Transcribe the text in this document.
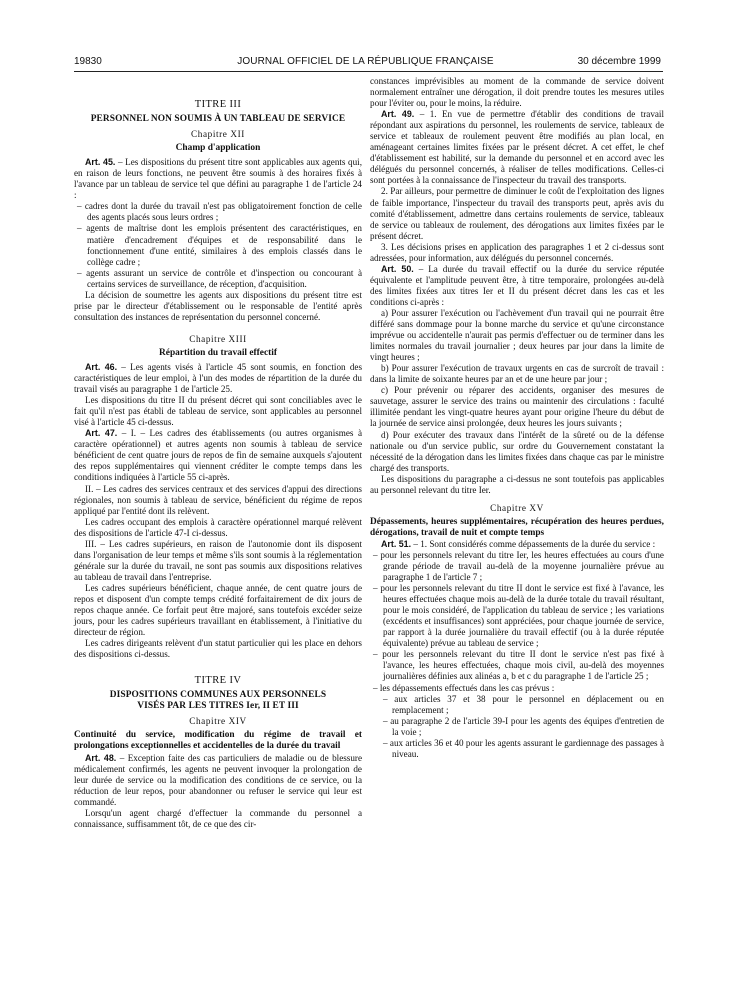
19830	JOURNAL OFFICIEL DE LA RÉPUBLIQUE FRANÇAISE	30 décembre 1999
TITRE III
PERSONNEL NON SOUMIS À UN TABLEAU DE SERVICE
Chapitre XII
Champ d'application

Art. 45. – Les dispositions du présent titre sont applicables aux agents qui, en raison de leurs fonctions, ne peuvent être soumis à des horaires fixés à l'avance par un tableau de service tel que défini au paragraphe 1 de l'article 24 :

– cadres dont la durée du travail n'est pas obligatoirement fonction de celle des agents placés sous leurs ordres ;
– agents de maîtrise dont les emplois présentent des caractéristiques, en matière d'encadrement d'équipes et de responsabilité dans le fonctionnement d'une entité, similaires à des emplois classés dans le collège cadre ;
– agents assurant un service de contrôle et d'inspection ou concourant à certains services de surveillance, de réception, d'acquisition.

La décision de soumettre les agents aux dispositions du présent titre est prise par le directeur d'établissement ou le responsable de l'entité après consultation des instances de représentation du personnel concerné.

Chapitre XIII
Répartition du travail effectif

Art. 46. – Les agents visés à l'article 45 sont soumis, en fonction des caractéristiques de leur emploi, à l'un des modes de répartition de la durée du travail visés au paragraphe 1 de l'article 25.

Les dispositions du titre II du présent décret qui sont conciliables avec le fait qu'il n'est pas établi de tableau de service, sont applicables au personnel visé à l'article 45 ci-dessus.

Art. 47. – I. – Les cadres des établissements (ou autres organismes à caractère opérationnel) et autres agents non soumis à tableau de service bénéficient de cent quatre jours de repos de fin de semaine auxquels s'ajoutent des repos supplémentaires qui viennent créditer le compte temps dans les conditions indiquées à l'article 55 ci-après.

II. – Les cadres des services centraux et des services d'appui des directions régionales, non soumis à tableau de service, bénéficient du régime de repos appliqué par l'entité dont ils relèvent.

Les cadres occupant des emplois à caractère opérationnel marqué relèvent des dispositions de l'article 47-I ci-dessus.

III. – Les cadres supérieurs, en raison de l'autonomie dont ils disposent dans l'organisation de leur temps et même s'ils sont soumis à la réglementation générale sur la durée du travail, ne sont pas soumis aux dispositions relatives au tableau de travail dans l'entreprise.

Les cadres supérieurs bénéficient, chaque année, de cent quatre jours de repos et disposent d'un compte temps crédité forfaitairement de dix jours de repos chaque année. Ce forfait peut être majoré, sans toutefois excéder seize jours, pour les cadres supérieurs travaillant en établissement, à l'initiative du directeur de région.

Les cadres dirigeants relèvent d'un statut particulier qui les place en dehors des dispositions ci-dessus.

TITRE IV
DISPOSITIONS COMMUNES AUX PERSONNELS
VISÉS PAR LES TITRES Ier, II ET III
Chapitre XIV

Continuité du service, modification du régime de travail et prolongations exceptionnelles et accidentelles de la durée du travail

Art. 48. – Exception faite des cas particuliers de maladie ou de blessure médicalement confirmés, les agents ne peuvent invoquer la prolongation de leur durée de service ou la modification des conditions de ce service, ou la réduction de leur repos, pour abandonner ou refuser le service qui leur est commandé.

Lorsqu'un agent chargé d'effectuer la commande du personnel a connaissance, suffisamment tôt, de ce que des cir-

constances imprévisibles au moment de la commande de service doivent normalement entraîner une dérogation, il doit prendre toutes les mesures utiles pour l'éviter ou, pour le moins, la réduire.

Art. 49. – 1. En vue de permettre d'établir des conditions de travail répondant aux aspirations du personnel, les roulements de service, tableaux de service et tableaux de roulement peuvent être modifiés au plan local, en aménageant certaines limites fixées par le présent décret. A cet effet, le chef d'établissement est habilité, sur la demande du personnel et en accord avec les délégués du personnel concernés, à réaliser de telles modifications. Celles-ci sont portées à la connaissance de l'inspecteur du travail des transports.

2. Par ailleurs, pour permettre de diminuer le coût de l'exploitation des lignes de faible importance, l'inspecteur du travail des transports peut, après avis du comité d'établissement, admettre dans certains roulements de service, tableaux de service ou tableaux de roulement, des dérogations aux limites fixées par le présent décret.

3. Les décisions prises en application des paragraphes 1 et 2 ci-dessus sont adressées, pour information, aux délégués du personnel concernés.

Art. 50. – La durée du travail effectif ou la durée du service réputée équivalente et l'amplitude peuvent être, à titre temporaire, prolongées au-delà des limites fixées aux titres Ier et II du présent décret dans les cas et les conditions ci-après :

a) Pour assurer l'exécution ou l'achèvement d'un travail qui ne pourrait être différé sans dommage pour la bonne marche du service et qu'une circonstance imprévue ou accidentelle n'aurait pas permis d'effectuer ou de terminer dans les limites normales du travail journalier ; deux heures par jour dans la limite de vingt heures ;

b) Pour assurer l'exécution de travaux urgents en cas de surcroît de travail : dans la limite de soixante heures par an et de une heure par jour ;

c) Pour prévenir ou réparer des accidents, organiser des mesures de sauvetage, assurer le service des trains ou maintenir des circulations : faculté illimitée pendant les vingt-quatre heures ayant pour origine l'heure du début de la journée de service ainsi prolongée, deux heures les jours suivants ;

d) Pour exécuter des travaux dans l'intérêt de la sûreté ou de la défense nationale ou d'un service public, sur ordre du Gouvernement constatant la nécessité de la dérogation dans les limites fixées dans chaque cas par le ministre chargé des transports.

Les dispositions du paragraphe a ci-dessus ne sont toutefois pas applicables au personnel relevant du titre Ier.

Chapitre XV

Dépassements, heures supplémentaires, récupération des heures perdues, dérogations, travail de nuit et compte temps

Art. 51. – 1. Sont considérés comme dépassements de la durée du service :

– pour les personnels relevant du titre Ier, les heures effectuées au cours d'une grande période de travail au-delà de la moyenne journalière prévue au paragraphe 1 de l'article 7 ;
– pour les personnels relevant du titre II dont le service est fixé à l'avance, les heures effectuées chaque mois au-delà de la durée totale du travail résultant, pour le mois considéré, de l'application du tableau de service ; les variations (excédents et insuffisances) sont appréciées, pour chaque journée de service, par rapport à la durée journalière du travail effectif (ou à la durée réputée équivalente) prévue au tableau de service ;
– pour les personnels relevant du titre II dont le service n'est pas fixé à l'avance, les heures effectuées, chaque mois civil, au-delà des moyennes journalières définies aux alinéas a, b et c du paragraphe 1 de l'article 25 ;
– les dépassements effectués dans les cas prévus :
– aux articles 37 et 38 pour le personnel en déplacement ou en remplacement ;
– au paragraphe 2 de l'article 39-I pour les agents des équipes d'entretien de la voie ;
– aux articles 36 et 40 pour les agents assurant le gardiennage des passages à niveau.
